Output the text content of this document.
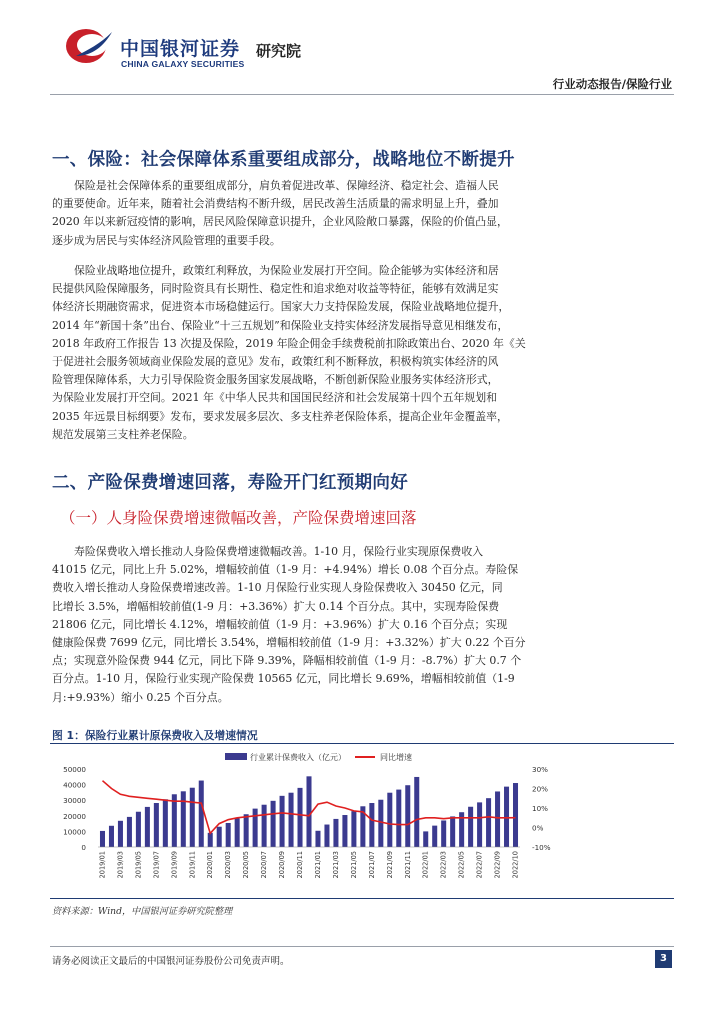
中国银河证券
CHINA GALAXY SECURITIES
研究院
行业动态报告/保险行业
一、保险：社会保障体系重要组成部分，战略地位不断提升

保险是社会保障体系的重要组成部分，肩负着促进改革、保障经济、稳定社会、造福人民

的重要使命。近年来，随着社会消费结构不断升级，居民改善生活质量的需求明显上升，叠加

2020 年以来新冠疫情的影响，居民风险保障意识提升，企业风险敞口暴露，保险的价值凸显，

逐步成为居民与实体经济风险管理的重要手段。

保险业战略地位提升，政策红利释放，为保险业发展打开空间。险企能够为实体经济和居

民提供风险保障服务，同时险资具有长期性、稳定性和追求绝对收益等特征，能够有效满足实

体经济长期融资需求，促进资本市场稳健运行。国家大力支持保险发展，保险业战略地位提升，

2014 年“新国十条”出台、保险业“十三五规划”和保险业支持实体经济发展指导意见相继发布，

2018 年政府工作报告 13 次提及保险，2019 年险企佣金手续费税前扣除政策出台、2020 年《关

于促进社会服务领域商业保险发展的意见》发布，政策红利不断释放，积极构筑实体经济的风

险管理保障体系，大力引导保险资金服务国家发展战略，不断创新保险业服务实体经济形式，

为保险业发展打开空间。2021 年《中华人民共和国国民经济和社会发展第十四个五年规划和

2035 年远景目标纲要》发布，要求发展多层次、多支柱养老保险体系，提高企业年金覆盖率，

规范发展第三支柱养老保险。

二、产险保费增速回落，寿险开门红预期向好
（一）人身险保费增速微幅改善，产险保费增速回落

寿险保费收入增长推动人身险保费增速微幅改善。1-10 月，保险行业实现原保费收入

41015 亿元，同比上升 5.02%，增幅较前值（1-9 月：+4.94%）增长 0.08 个百分点。寿险保

费收入增长推动人身险保费增速改善。1-10 月保险行业实现人身险保费收入 30450 亿元，同

比增长 3.5%，增幅相较前值(1-9 月：+3.36%）扩大 0.14 个百分点。其中，实现寿险保费

21806 亿元，同比增长 4.12%，增幅较前值（1-9 月：+3.96%）扩大 0.16 个百分点；实现

健康险保费 7699 亿元，同比增长 3.54%，增幅相较前值（1-9 月：+3.32%）扩大 0.22 个百分

点；实现意外险保费 944 亿元，同比下降 9.39%，降幅相较前值（1-9 月：-8.7%）扩大 0.7 个

百分点。1-10 月，保险行业实现产险保费 10565 亿元，同比增长 9.69%，增幅相较前值（1-9

月:+9.93%）缩小 0.25 个百分点。

图 1：保险行业累计原保费收入及增速情况
行业累计保费收入（亿元）	同比增速
50000
40000
30000
20000
10000
0
30%
20%
10%
0%
-10%
2019/01 2019/03 2019/05 2019/07 2019/09 2019/11 2020/01 2020/03 2020/05 2020/07 2020/09 2020/11 2021/01 2021/03 2021/05 2021/07 2021/09 2021/11 2022/01 2022/03 2022/05 2022/07 2022/09 2022/10
资料来源：Wind，中国银河证券研究院整理
请务必阅读正文最后的中国银河证券股份公司免责声明。	3
